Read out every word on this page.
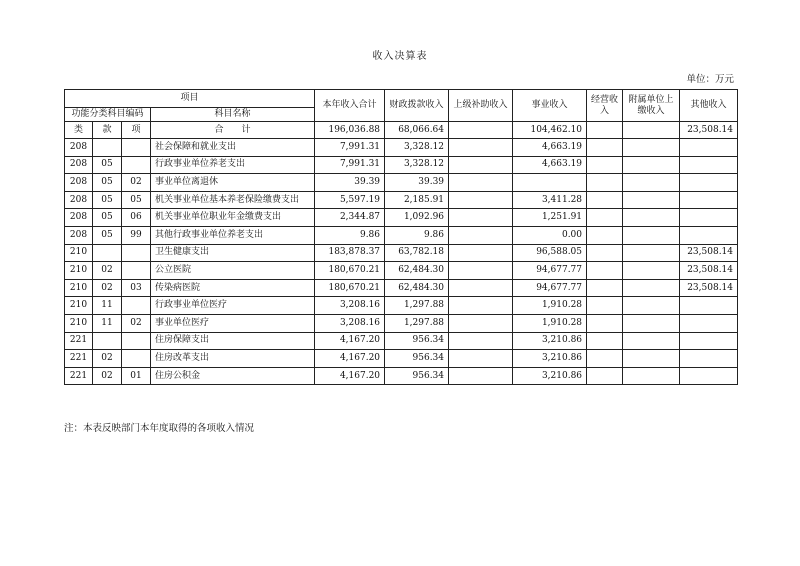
收入决算表
单位：万元
项目				本年收入合计	财政拨款收入	上级补助收入	事业收入	经营收入	附属单位上缴收入	其他收入
功能分类科目编码			科目名称							
类	款	项	合　　计	196,036.88	68,066.64		104,462.10			23,508.14
208			社会保障和就业支出	7,991.31	3,328.12		4,663.19			
208	05		行政事业单位养老支出	7,991.31	3,328.12		4,663.19			
208	05	02	事业单位离退休	39.39	39.39					
208	05	05	机关事业单位基本养老保险缴费支出	5,597.19	2,185.91		3,411.28			
208	05	06	机关事业单位职业年金缴费支出	2,344.87	1,092.96		1,251.91			
208	05	99	其他行政事业单位养老支出	9.86	9.86		0.00			
210			卫生健康支出	183,878.37	63,782.18		96,588.05			23,508.14
210	02		公立医院	180,670.21	62,484.30		94,677.77			23,508.14
210	02	03	传染病医院	180,670.21	62,484.30		94,677.77			23,508.14
210	11		行政事业单位医疗	3,208.16	1,297.88		1,910.28			
210	11	02	事业单位医疗	3,208.16	1,297.88		1,910.28			
221			住房保障支出	4,167.20	956.34		3,210.86			
221	02		住房改革支出	4,167.20	956.34		3,210.86			
221	02	01	住房公积金	4,167.20	956.34		3,210.86			
注：本表反映部门本年度取得的各项收入情况
